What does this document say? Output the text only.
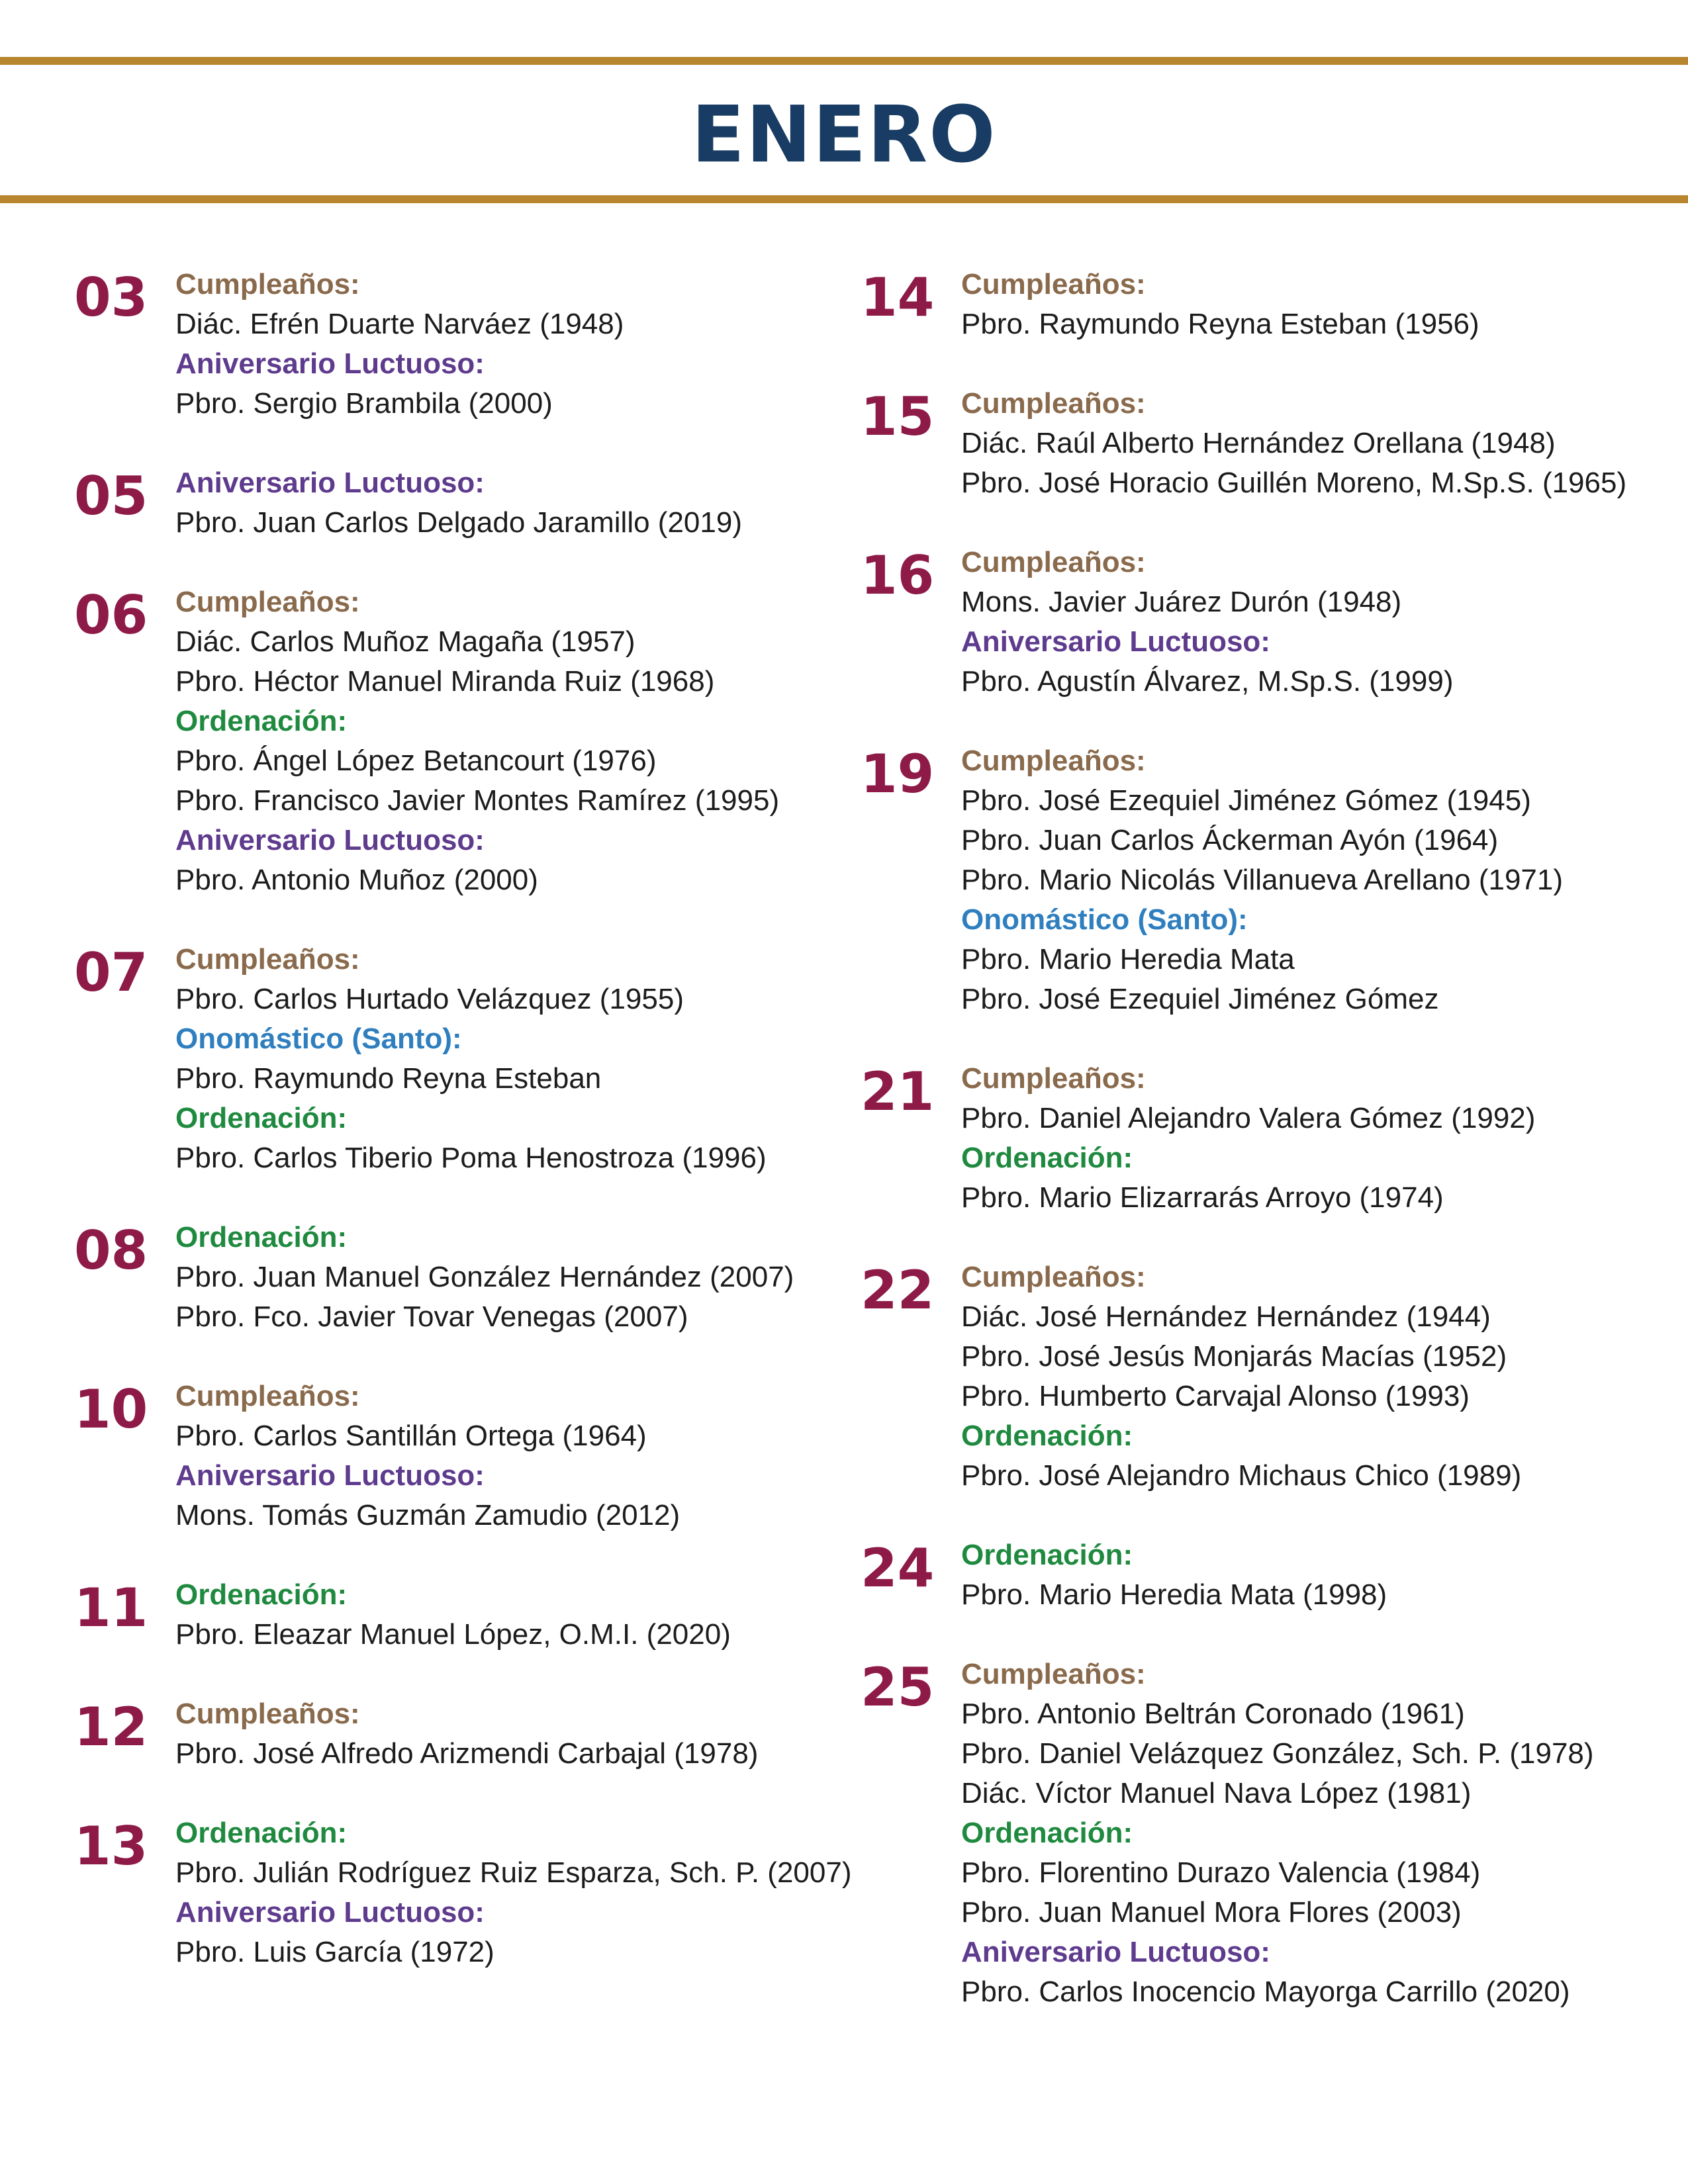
ENERO
03 Cumpleaños:
Diác. Efrén Duarte Narváez (1948)
Aniversario Luctuoso:
Pbro. Sergio Brambila (2000)
05 Aniversario Luctuoso:
Pbro. Juan Carlos Delgado Jaramillo (2019)
06 Cumpleaños:
Diác. Carlos Muñoz Magaña (1957)
Pbro. Héctor Manuel Miranda Ruiz (1968)
Ordenación:
Pbro. Ángel López Betancourt (1976)
Pbro. Francisco Javier Montes Ramírez (1995)
Aniversario Luctuoso:
Pbro. Antonio Muñoz (2000)
07 Cumpleaños:
Pbro. Carlos Hurtado Velázquez (1955)
Onomástico (Santo):
Pbro. Raymundo Reyna Esteban
Ordenación:
Pbro. Carlos Tiberio Poma Henostroza (1996)
08 Ordenación:
Pbro. Juan Manuel González Hernández (2007)
Pbro. Fco. Javier Tovar Venegas (2007)
10 Cumpleaños:
Pbro. Carlos Santillán Ortega (1964)
Aniversario Luctuoso:
Mons. Tomás Guzmán Zamudio (2012)
11 Ordenación:
Pbro. Eleazar Manuel López, O.M.I. (2020)
12 Cumpleaños:
Pbro. José Alfredo Arizmendi Carbajal (1978)
13 Ordenación:
Pbro. Julián Rodríguez Ruiz Esparza, Sch. P. (2007)
Aniversario Luctuoso:
Pbro. Luis García (1972)
14 Cumpleaños:
Pbro. Raymundo Reyna Esteban (1956)
15 Cumpleaños:
Diác. Raúl Alberto Hernández Orellana (1948)
Pbro. José Horacio Guillén Moreno, M.Sp.S. (1965)
16 Cumpleaños:
Mons. Javier Juárez Durón (1948)
Aniversario Luctuoso:
Pbro. Agustín Álvarez, M.Sp.S. (1999)
19 Cumpleaños:
Pbro. José Ezequiel Jiménez Gómez (1945)
Pbro. Juan Carlos Áckerman Ayón (1964)
Pbro. Mario Nicolás Villanueva Arellano (1971)
Onomástico (Santo):
Pbro. Mario Heredia Mata
Pbro. José Ezequiel Jiménez Gómez
21 Cumpleaños:
Pbro. Daniel Alejandro Valera Gómez (1992)
Ordenación:
Pbro. Mario Elizarrarás Arroyo (1974)
22 Cumpleaños:
Diác. José Hernández Hernández (1944)
Pbro. José Jesús Monjarás Macías (1952)
Pbro. Humberto Carvajal Alonso (1993)
Ordenación:
Pbro. José Alejandro Michaus Chico (1989)
24 Ordenación:
Pbro. Mario Heredia Mata (1998)
25 Cumpleaños:
Pbro. Antonio Beltrán Coronado (1961)
Pbro. Daniel Velázquez González, Sch. P. (1978)
Diác. Víctor Manuel Nava López (1981)
Ordenación:
Pbro. Florentino Durazo Valencia (1984)
Pbro. Juan Manuel Mora Flores (2003)
Aniversario Luctuoso:
Pbro. Carlos Inocencio Mayorga Carrillo (2020)
